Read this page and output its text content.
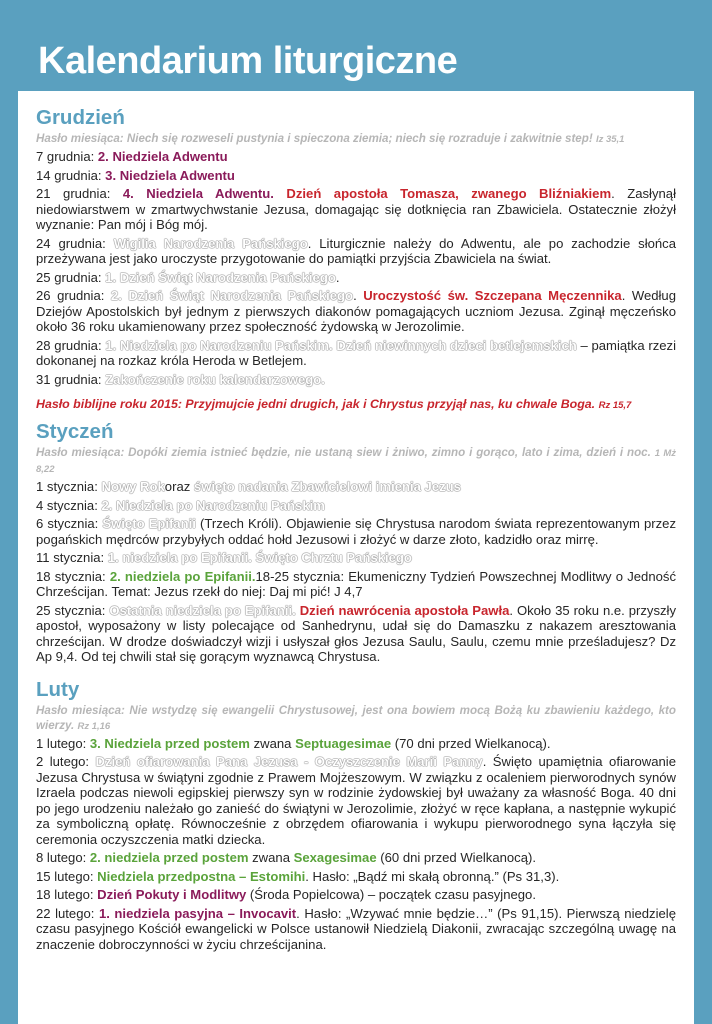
Kalendarium liturgiczne
Grudzień
Hasło miesiąca: Niech się rozweseli pustynia i spieczona ziemia; niech się rozraduje i zakwitnie step! Iz 35,1

7 grudnia: 2. Niedziela Adwentu

14 grudnia: 3. Niedziela Adwentu

21 grudnia: 4. Niedziela Adwentu. Dzień apostoła Tomasza, zwanego Bliźniakiem. Zasłynął niedowiarstwem w zmartwychwstanie Jezusa, domagając się dotknięcia ran Zbawiciela. Ostatecznie złożył wyznanie: Pan mój i Bóg mój.

24 grudnia: Wigilia Narodzenia Pańskiego. Liturgicznie należy do Adwentu, ale po zachodzie słońca przeżywana jest jako uroczyste przygotowanie do pamiątki przyjścia Zbawiciela na świat.

25 grudnia: 1. Dzień Świąt Narodzenia Pańskiego.

26 grudnia: 2. Dzień Świąt Narodzenia Pańskiego. Uroczystość św. Szczepana Męczennika. Według Dziejów Apostolskich był jednym z pierwszych diakonów pomagających uczniom Jezusa. Zginął męczeńsko około 36 roku ukamienowany przez społeczność żydowską w Jerozolimie.

28 grudnia: 1. Niedziela po Narodzeniu Pańskim. Dzień niewinnych dzieci betlejemskich – pamiątka rzezi dokonanej na rozkaz króla Heroda w Betlejem.

31 grudnia: Zakończenie roku kalendarzowego.

Hasło biblijne roku 2015: Przyjmujcie jedni drugich, jak i Chrystus przyjął nas, ku chwale Boga. Rz 15,7
Styczeń
Hasło miesiąca: Dopóki ziemia istnieć będzie, nie ustaną siew i żniwo, zimno i gorąco, lato i zima, dzień i noc. 1 Mż 8,22

1 stycznia: Nowy Rokoraz święto nadania Zbawicielowi imienia Jezus

4 stycznia: 2. Niedziela po Narodzeniu Pańskim

6 stycznia: Święto Epifanii (Trzech Króli). Objawienie się Chrystusa narodom świata reprezentowanym przez pogańskich mędrców przybyłych oddać hołd Jezusowi i złożyć w darze złoto, kadzidło oraz mirrę.

11 stycznia: 1. niedziela po Epifanii. Święto Chrztu Pańskiego

18 stycznia: 2. niedziela po Epifanii.18-25 stycznia: Ekumeniczny Tydzień Powszechnej Modlitwy o Jedność Chrześcijan. Temat: Jezus rzekł do niej: Daj mi pić! J 4,7

25 stycznia: Ostatnia niedziela po Epifanii. Dzień nawrócenia apostoła Pawła. Około 35 roku n.e. przyszły apostoł, wyposażony w listy polecające od Sanhedrynu, udał się do Damaszku z nakazem aresztowania chrześcijan. W drodze doświadczył wizji i usłyszał głos Jezusa Saulu, Saulu, czemu mnie prześladujesz? Dz Ap 9,4. Od tej chwili stał się gorącym wyznawcą Chrystusa.

Luty
Hasło miesiąca: Nie wstydzę się ewangelii Chrystusowej, jest ona bowiem mocą Bożą ku zbawieniu każdego, kto wierzy. Rz 1,16

1 lutego: 3. Niedziela przed postem zwana Septuagesimae (70 dni przed Wielkanocą).

2 lutego: Dzień ofiarowania Pana Jezusa - Oczyszczenie Marii Panny. Święto upamiętnia ofiarowanie Jezusa Chrystusa w świątyni zgodnie z Prawem Mojżeszowym. W związku z ocaleniem pierworodnych synów Izraela podczas niewoli egipskiej pierwszy syn w rodzinie żydowskiej był uważany za własność Boga. 40 dni po jego urodzeniu należało go zanieść do świątyni w Jerozolimie, złożyć w ręce kapłana, a następnie wykupić za symboliczną opłatę. Równocześnie z obrzędem ofiarowania i wykupu pierworodnego syna łączyła się ceremonia oczyszczenia matki dziecka.

8 lutego: 2. niedziela przed postem zwana Sexagesimae (60 dni przed Wielkanocą).

15 lutego: Niedziela przedpostna – Estomihi. Hasło: „Bądź mi skałą obronną.” (Ps 31,3).

18 lutego: Dzień Pokuty i Modlitwy (Środa Popielcowa) – początek czasu pasyjnego.

22 lutego: 1. niedziela pasyjna – Invocavit. Hasło: „Wzywać mnie będzie…” (Ps 91,15). Pierwszą niedzielę czasu pasyjnego Kościół ewangelicki w Polsce ustanowił Niedzielą Diakonii, zwracając szczególną uwagę na znaczenie dobroczynności w życiu chrześcijanina.
